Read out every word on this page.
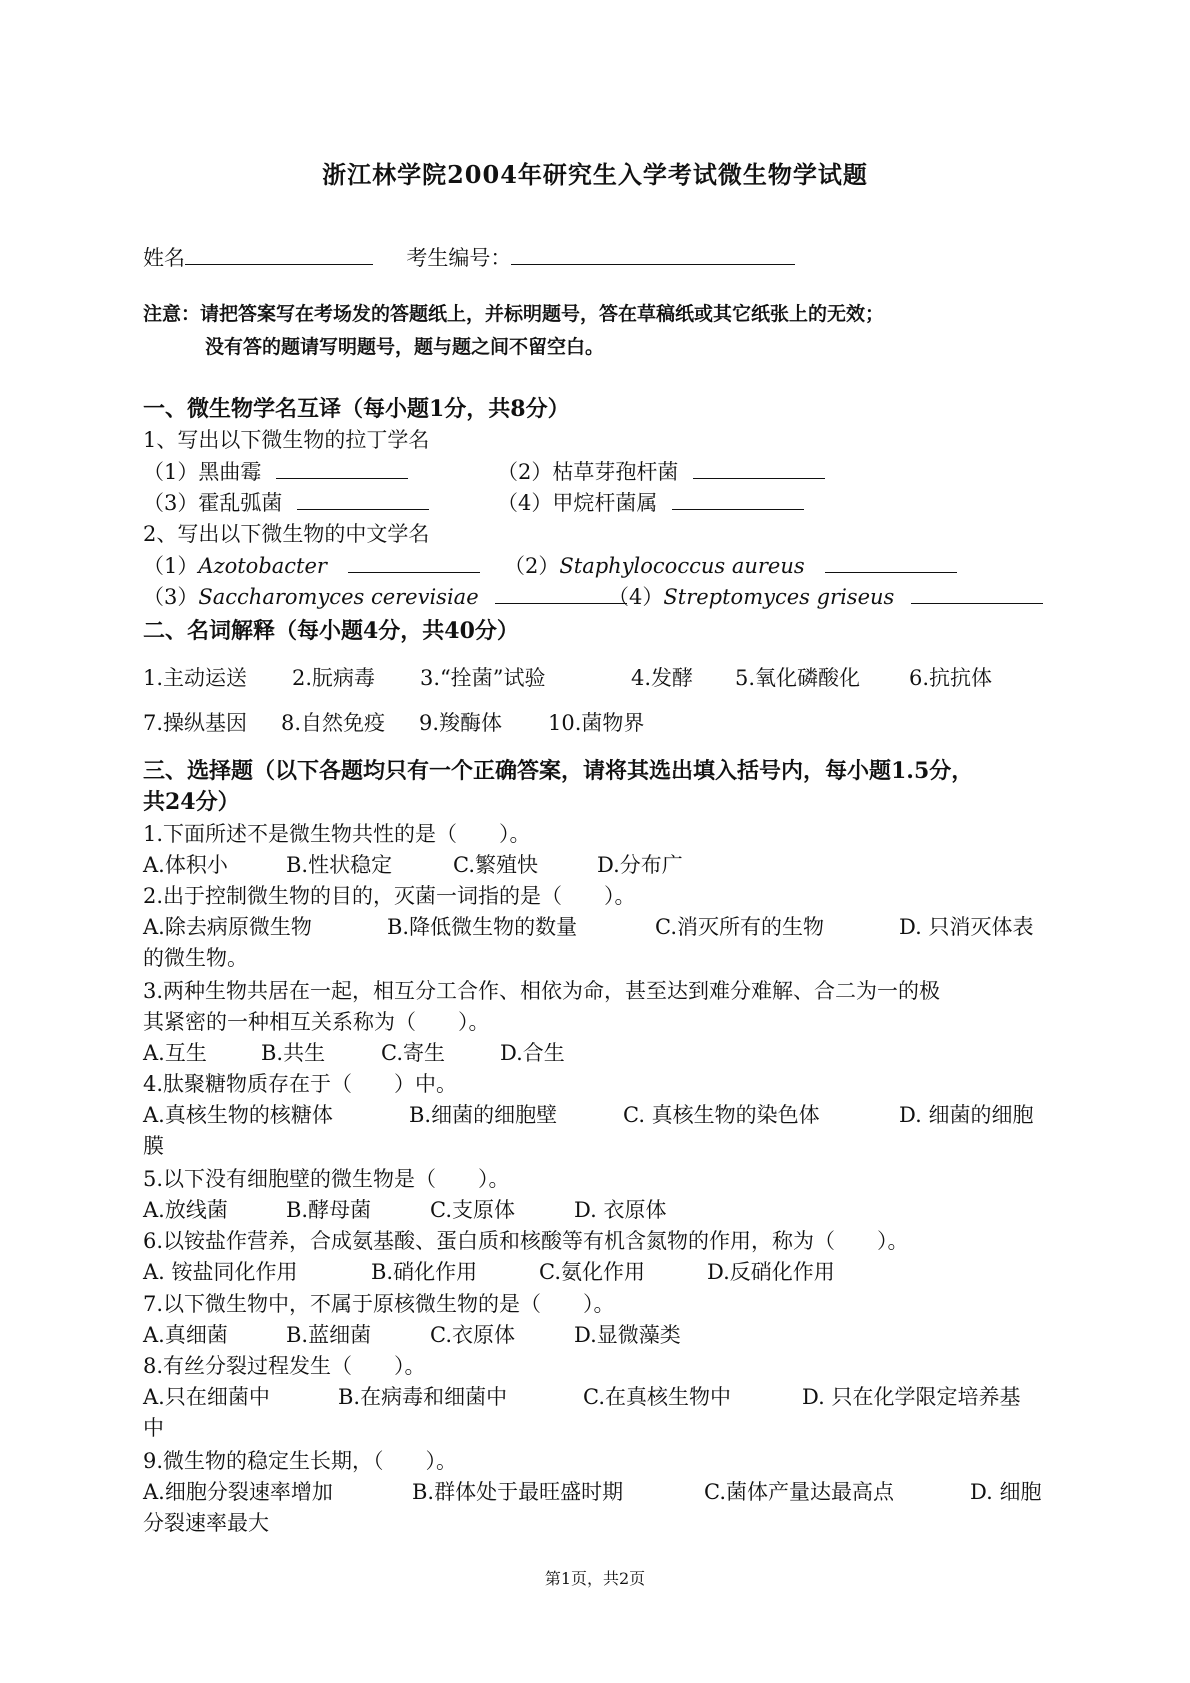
浙江林学院2004年研究生入学考试微生物学试题
姓名	考生编号：
注意：请把答案写在考场发的答题纸上，并标明题号，答在草稿纸或其它纸张上的无效；
没有答的题请写明题号，题与题之间不留空白。
一、微生物学名互译（每小题1分，共8分）
1、写出以下微生物的拉丁学名
（1）黑曲霉	（2）枯草芽孢杆菌
（3）霍乱弧菌	（4）甲烷杆菌属
2、写出以下微生物的中文学名
（1）Azotobacter	（2）Staphylococcus aureus
（3）Saccharomyces cerevisiae	（4）Streptomyces griseus
二、名词解释（每小题4分，共40分）
1.主动运送 2.朊病毒 3.“拴菌”试验	4.发酵 5.氧化磷酸化 6.抗抗体
7.操纵基因 8.自然免疫 9.羧酶体 10.菌物界
三、选择题（以下各题均只有一个正确答案，请将其选出填入括号内，每小题1.5分，
共24分）
1.下面所述不是微生物共性的是（　　）。
A.体积小	B.性状稳定	C.繁殖快	D.分布广
2.出于控制微生物的目的，灭菌一词指的是（　　）。
A.除去病原微生物	B.降低微生物的数量	C.消灭所有的生物	D. 只消灭体表
的微生物。
3.两种生物共居在一起，相互分工合作、相依为命，甚至达到难分难解、合二为一的极
其紧密的一种相互关系称为（　　）。
A.互生	B.共生	C.寄生	D.合生
4.肽聚糖物质存在于（　　）中。
A.真核生物的核糖体	B.细菌的细胞壁	C. 真核生物的染色体	D. 细菌的细胞
膜
5.以下没有细胞壁的微生物是（　　）。
A.放线菌	B.酵母菌	C.支原体	D. 衣原体
6.以铵盐作营养，合成氨基酸、蛋白质和核酸等有机含氮物的作用，称为（　　）。
A. 铵盐同化作用	B.硝化作用	C.氨化作用	D.反硝化作用
7.以下微生物中，不属于原核微生物的是（　　）。
A.真细菌	B.蓝细菌	C.衣原体	D.显微藻类
8.有丝分裂过程发生（　　）。
A.只在细菌中	B.在病毒和细菌中	C.在真核生物中	D. 只在化学限定培养基
中
9.微生物的稳定生长期，（　　）。
A.细胞分裂速率增加	B.群体处于最旺盛时期	C.菌体产量达最高点	D. 细胞
分裂速率最大
第1页，共2页
